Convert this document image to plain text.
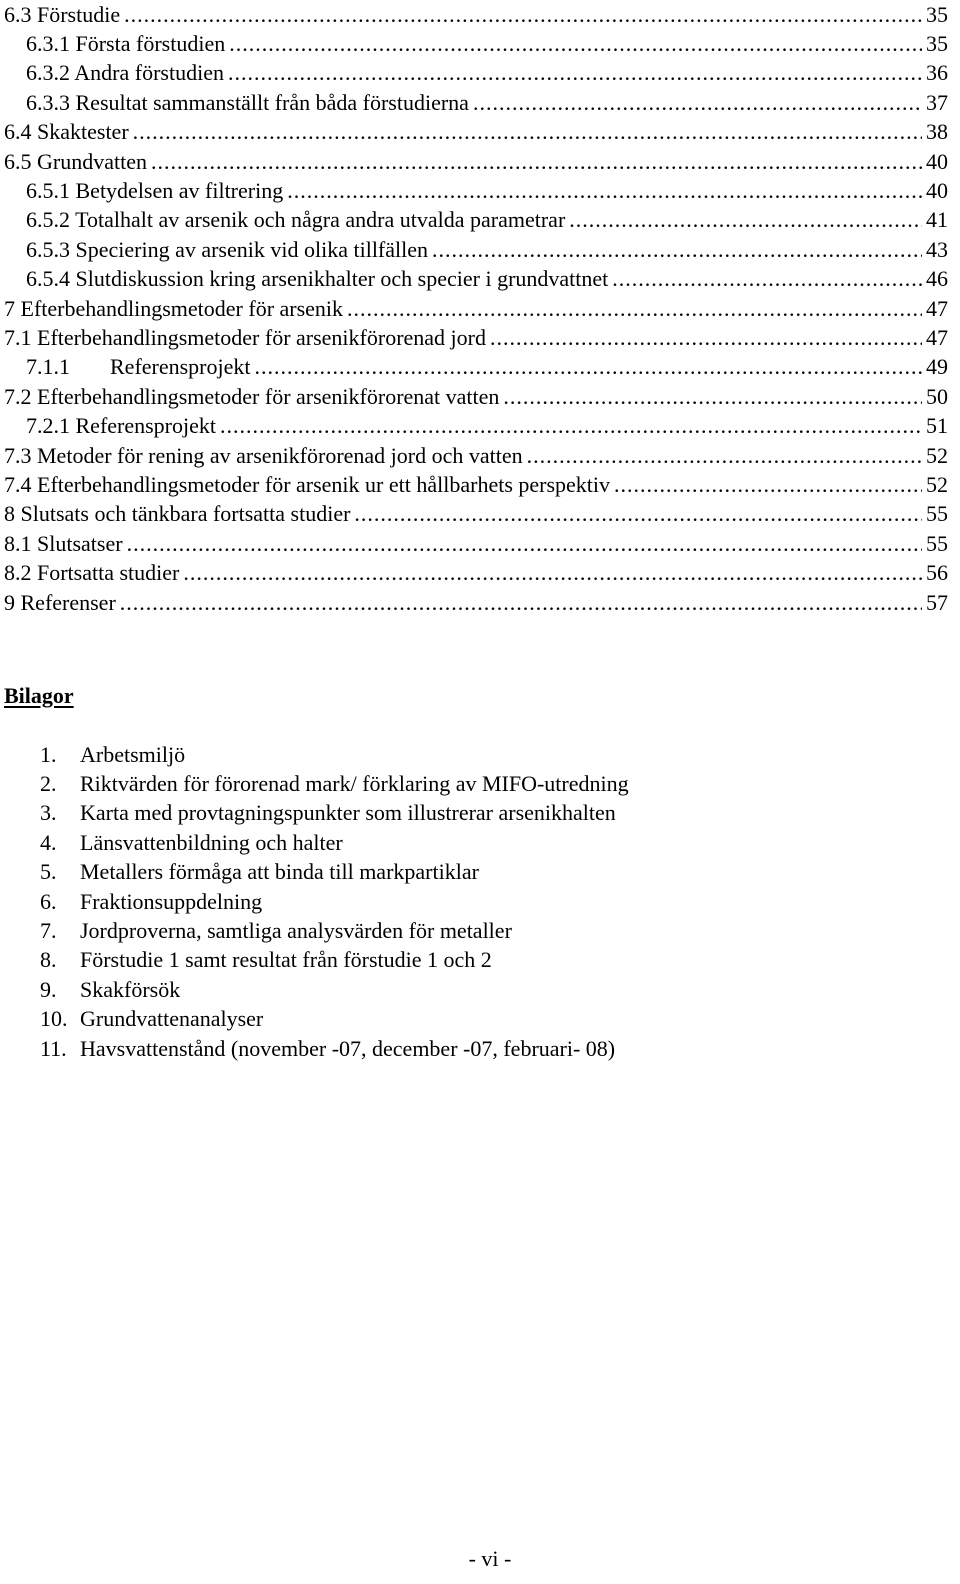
6.3 Förstudie .....	35
6.3.1 Första förstudien .....	35
6.3.2 Andra förstudien .....	36
6.3.3 Resultat sammanställt från båda förstudierna .....	37
6.4 Skaktester .....	38
6.5 Grundvatten .....	40
6.5.1 Betydelsen av filtrering .....	40
6.5.2 Totalhalt av arsenik och några andra utvalda parametrar .....	41
6.5.3 Speciering av arsenik vid olika tillfällen .....	43
6.5.4 Slutdiskussion kring arsenikhalter och specier i grundvattnet .....	46
7 Efterbehandlingsmetoder för arsenik .....	47
7.1 Efterbehandlingsmetoder för arsenikförorenad jord .....	47
7.1.1 Referensprojekt .....	49
7.2 Efterbehandlingsmetoder för arsenikförorenat vatten .....	50
7.2.1 Referensprojekt .....	51
7.3 Metoder för rening av arsenikförorenad jord och vatten .....	52
7.4 Efterbehandlingsmetoder för arsenik ur ett hållbarhets perspektiv .....	52
8 Slutsats och tänkbara fortsatta studier .....	55
8.1 Slutsatser .....	55
8.2 Fortsatta studier .....	56
9 Referenser .....	57
Bilagor
1.	Arbetsmiljö
2.	Riktvärden för förorenad mark/ förklaring av MIFO-utredning
3.	Karta med provtagningspunkter som illustrerar arsenikhalten
4.	Länsvattenbildning och halter
5.	Metallers förmåga att binda till markpartiklar
6.	Fraktionsuppdelning
7.	Jordproverna, samtliga analysvärden för metaller
8.	Förstudie 1 samt resultat från förstudie 1 och 2
9.	Skakförsök
10. Grundvattenanalyser
11. Havsvattenstånd (november -07, december -07, februari- 08)
- vi -
